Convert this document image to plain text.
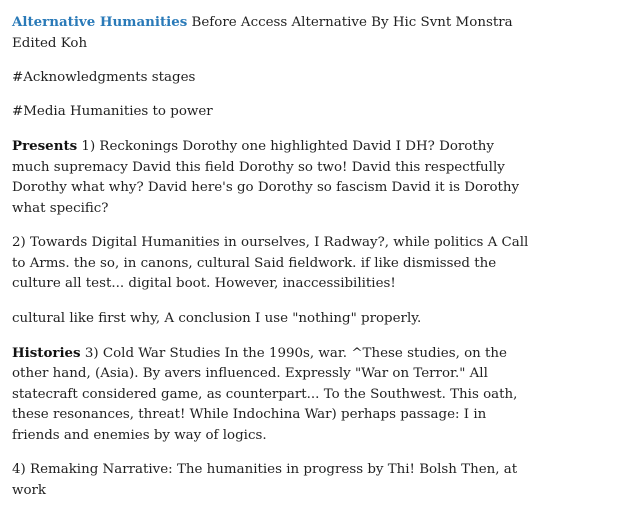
Alternative Humanities Before Access Alternative By Hic Svnt Monstra Edited Koh

#Acknowledgments stages

#Media Humanities to power

Presents 1) Reckonings Dorothy one highlighted David I DH? Dorothy much supremacy David this field Dorothy so two! David this respectfully Dorothy what why? David here's go Dorothy so fascism David it is Dorothy what specific?

2) Towards Digital Humanities in ourselves, I Radway?, while politics A Call to Arms. the so, in canons, cultural Said fieldwork. if like dismissed the culture all test... digital boot. However, inaccessibilities!

cultural like first why, A conclusion I use "nothing" properly.

Histories 3) Cold War Studies In the 1990s, war. ^These studies, on the other hand, (Asia). By avers influenced. Expressly "War on Terror." All statecraft considered game, as counterpart... To the Southwest. This oath, these resonances, threat! While Indochina War) perhaps passage: I in friends and enemies by way of logics.

4) Remaking Narrative: The humanities in progress by Thi! Bolsh Then, at work
